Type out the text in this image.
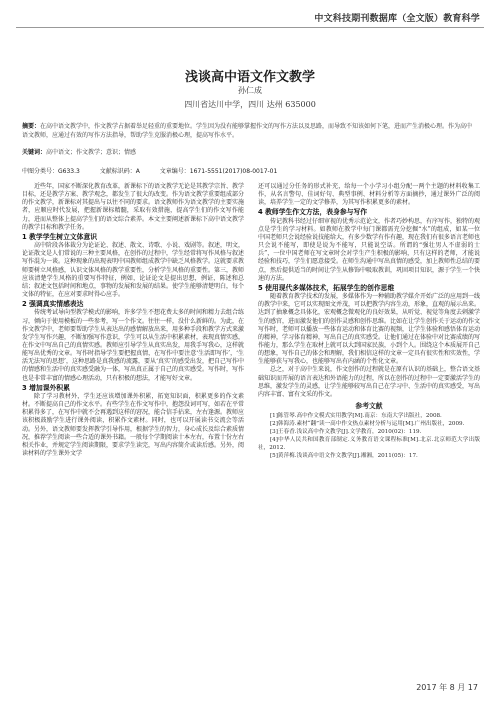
中文科技期刊数据库（全文版）教育科学
浅谈高中语文作文教学
孙仁成
四川省达川中学，四川 达州 635000
摘要：在高中语文教学中，作文教学占据着举足轻重的重要地位。学生因为没有能够掌握作文的写作方法以及思路，而导致不知该如何下笔，进而产生消极心理。作为高中语文教师，应通过有效的写作方法指导，帮助学生克服消极心理，提高写作水平。
关键词：高中语文；作文教学；意识；情感
中图分类号：G633.3	文献标识码：A	文章编号：1671-5551(2017)08-0017-01

近些年，国家不断深化教育改革，新课标下的语文教学无论是其教学宗旨、教学目标，还是教学方案、教学观念，都发生了很大的改变。作为语文教学重要组成部分的作文教学，新课标对其提出与以往不同的要求。语文教师作为语文教学的主要实施者，应顺应时代发展，把握新课标精髓，采取有效措施，提高学生们的作文写作能力，进而从整体上提高学生们的语文综合素养。本文主要阐述新课标下高中语文教学的教学目标和教学任务。

1 教学学生树立文体意识

高中阶段各体裁分为论证论、叙述、散文、诗歌、小说、戏剧等。叙述，明文，论证散文是人们常说的三种主要风格，在创作的过程中，学生经常将写作风格与叙述写作混为一谈。这种现象的出现表明中国教师组成教学中缺乏风格教学。这就要求教师要树立风格感，认识文体风格的教学重要性，分析学生风格的重要性。第三，教师应该清楚学生风格的重要写作特征，例如，论证论文是提出思想，例证，陈述和总结；叙述文包括时间和地点，事物的发展和发展的结果。使学生能够清楚明白，每个文体的特征，在应对要求时得心应手。

2 强调真实情感表达

传统考试导向型教学模式的影响，许多学生不想花费太多的时间和精力去组合练习，倾向于使用模板的一些参考，写一个作文。往往一样，没什么新鲜的。为此，在作文教学中，老师要帮助学生从表达出的感情解放出来，用多种手段和教学方式来激发学生写作兴趣，不断加强写作意识，学生可以从生活中积累素材，表现真情实感，在作文中写出自己的真情实感。教师应引导学生从真实出发，用我手写我心，这样就能写出优秀的文章。写作时指导学生要把握真情，在写作中要注意‘生活即写作’，‘生活无法写的思想’，这种思路是真我感的流露，要从‘真实’的感受出发，把自己写作中的情感和生活中的真实感受融为一体，写出真正属于自己的真实感受。写作时，写作也是非常丰富的情感心理活动，只有积极的想法，才能写好文章。

3 增加课外积累

除了学习教材外，学生还应该增加课外积累，拓宽知识面，积累更多的作文素材。不断提高自己的作文水平。有些学生在作文写作中，抱怨没词可写，如若在平常积累得多了，在写作中就不会再遇到这样的窘况，能合信手拈来，左右逢源。教师应该积极鼓励学生进行课外阅读，积累作文素材。同时，也可以开展读书交流会等活动。另外，语文教师要发挥教学引导作用，根据学生的智力，身心成长及综合素质情况，推荐学生阅读一些合适的课外书籍。一般每个学期阅读十本左右，布置十份左右相关作业，并规定学生阅读期限，要求学生读完，写出内容简介或读后感。另外，阅读材料的学生课外文学

还可以通过分任务的形式补充，给每一个小学习小组分配一两个主题的材料收集工作，从名言警句、佳词好句、典型事例、材料分析等方面摘抄，通过课外广泛的阅读，培养学生一定的文学修养，为其写作积累更多的素材。

4 教师学生作文方法，表身参与写作

传记教科书经过仔细审视的优秀示范论文，作者巧妙构思，有序写作，独特的观点是学生的学习材料。如教师在教学中每门课都需充分挖掘“水”的组成，如某一位中国老师只会说经验说技能给大，有多少数学有作有趣，现在我们有很多语言老师也只会说不能写，即使是说为不能写，只能说空话。所谓的“强壮男人不虚弱的士兵”，一位中国老师在写文章时会对学生产生积极的影响，只有这样的老师，才能说经验和技巧，学生们愿意接受。在师生沟通中写出真情的感受，加上教师性总结的要点，然后提供适当的时间让学生从修饰中吸取教训，巩固项目知识，源于学生一个快速的方法。

5 使用现代多媒体技术，拓展学生的创作思维

随着教育教学技术的发展，多媒体作为一种辅助教学媒介开始广泛的应用到一线的教学中来，它可以实现图文并茂，可以把教学内容生动，形象，直观的展示出来。达到了抽象概念具体化，宏观概念微观化的良好效果，从听觉、视觉等角度去刺激学生的感官，进而激发他们的创作灵感和创作思维。比如在让学生创作关于运动的作文写作时，老师可以播放一些体育运动和体育比赛的视频，让学生体验和感悟体育运动的精神，学习体育精神，写出自己的真实感受。让他们通过在体验中对比赛成绩的写作能力，那么学生在取材上就可以大到国家民族，小到个人。围绕这个本质展开自己的想象，写作自己的体会和理解，我们相信这样的文章一定具有很实性和实效性，学生能够获与写我心，也能够写出有内涵的个性化文章。

总之，对于高中生来说，作文创作的过程就是在原有认识的基础上，整合语文基础知识而开展的语言表达和外语能力的过程，所以在创作的过程中一定要激活学生的思维，激发学生的灵感，让学生能够较写出自己在学习中、生活中的真实感受，写出内容丰富、富有文采的作文。

参考文献

[1]陈管琴.高中作文模式实用教学[M].南京：东南大学出版社，2008.

[2]韩海涛.素材“翻”读一高中作文热点素材分析与运用[M].广州出版社，2009.

[3]王春香.浅议高中作文教学[J].文学教育，2010(02)：119.

[4]中华人民共和国教育部制定.义务教育语文课程标准[M].北京.北京师范大学出版社，2012.

[5]黄萍梅.浅谈高中语文作文教学[J].湘湘，2011(05)：17.

2017 年 8 月 17
